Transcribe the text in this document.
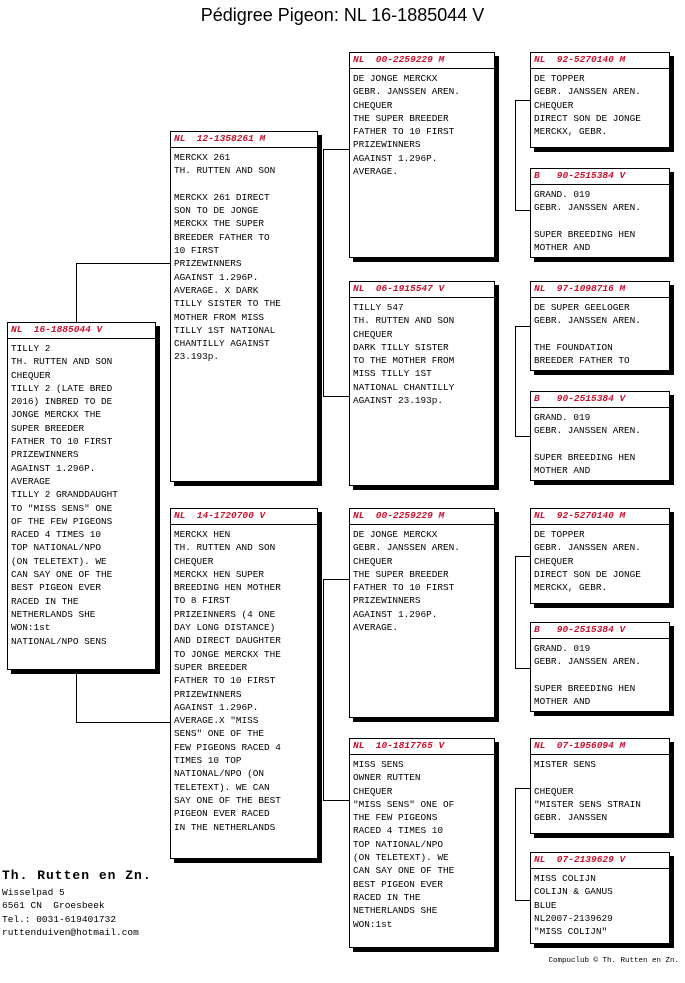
Pédigree Pigeon: NL 16-1885044 V
NL  16-1885044 V
TILLY 2
TH. RUTTEN AND SON
CHEQUER
TILLY 2 (LATE BRED
2016) INBRED TO DE
JONGE MERCKX THE
SUPER BREEDER
FATHER TO 10 FIRST
PRIZEWINNERS
AGAINST 1.296P.
AVERAGE
TILLY 2 GRANDDAUGHT
TO "MISS SENS" ONE
OF THE FEW PIGEONS
RACED 4 TIMES 10
TOP NATIONAL/NPO
(ON TELETEXT). WE
CAN SAY ONE OF THE
BEST PIGEON EVER
RACED IN THE
NETHERLANDS SHE
WON:1st
NATIONAL/NPO SENS
NL  12-1358261 M
MERCKX 261
TH. RUTTEN AND SON
MERCKX 261 DIRECT
SON TO DE JONGE
MERCKX THE SUPER
BREEDER FATHER TO
10 FIRST
PRIZEWINNERS
AGAINST 1.296P.
AVERAGE. X DARK
TILLY SISTER TO THE
MOTHER FROM MISS
TILLY 1ST NATIONAL
CHANTILLY AGAINST
23.193p.
NL  14-1720700 V
MERCKX HEN
TH. RUTTEN AND SON
CHEQUER
MERCKX HEN SUPER
BREEDING HEN MOTHER
TO 8 FIRST
PRIZEINNERS (4 ONE
DAY LONG DISTANCE)
AND DIRECT DAUGHTER
TO JONGE MERCKX THE
SUPER BREEDER
FATHER TO 10 FIRST
PRIZEWINNERS
AGAINST 1.296P.
AVERAGE.X "MISS
SENS" ONE OF THE
FEW PIGEONS RACED 4
TIMES 10 TOP
NATIONAL/NPO (ON
TELETEXT). WE CAN
SAY ONE OF THE BEST
PIGEON EVER RACED
IN THE NETHERLANDS
NL  00-2259229 M
DE JONGE MERCKX
GEBR. JANSSEN AREN.
CHEQUER
THE SUPER BREEDER
FATHER TO 10 FIRST
PRIZEWINNERS
AGAINST 1.296P.
AVERAGE.
NL  06-1915547 V
TILLY 547
TH. RUTTEN AND SON
CHEQUER
DARK TILLY SISTER
TO THE MOTHER FROM
MISS TILLY 1ST
NATIONAL CHANTILLY
AGAINST 23.193p.
NL  00-2259229 M
DE JONGE MERCKX
GEBR. JANSSEN AREN.
CHEQUER
THE SUPER BREEDER
FATHER TO 10 FIRST
PRIZEWINNERS
AGAINST 1.296P.
AVERAGE.
NL  10-1817765 V
MISS SENS
OWNER RUTTEN
CHEQUER
"MISS SENS" ONE OF
THE FEW PIGEONS
RACED 4 TIMES 10
TOP NATIONAL/NPO
(ON TELETEXT). WE
CAN SAY ONE OF THE
BEST PIGEON EVER
RACED IN THE
NETHERLANDS SHE
WON:1st
NL  92-5270140 M
DE TOPPER
GEBR. JANSSEN AREN.
CHEQUER
DIRECT SON DE JONGE
MERCKX, GEBR.
B   90-2515384 V
GRAND. 019
GEBR. JANSSEN AREN.
SUPER BREEDING HEN
MOTHER AND
NL  97-1098716 M
DE SUPER GEELOGER
GEBR. JANSSEN AREN.
THE FOUNDATION
BREEDER FATHER TO
B   90-2515384 V
GRAND. 019
GEBR. JANSSEN AREN.
SUPER BREEDING HEN
MOTHER AND
NL  92-5270140 M
DE TOPPER
GEBR. JANSSEN AREN.
CHEQUER
DIRECT SON DE JONGE
MERCKX, GEBR.
B   90-2515384 V
GRAND. 019
GEBR. JANSSEN AREN.
SUPER BREEDING HEN
MOTHER AND
NL  07-1956094 M
MISTER SENS
CHEQUER
"MISTER SENS STRAIN
GEBR. JANSSEN
NL  07-2139629 V
MISS COLIJN
COLIJN & GANUS
BLUE
NL2007-2139629
"MISS COLIJN"
Th. Rutten en Zn.
Wisselpad 5
6561 CN  Groesbeek
Tel.: 0031-619401732
ruttenduiven@hotmail.com
Compuclub © Th. Rutten en Zn.
